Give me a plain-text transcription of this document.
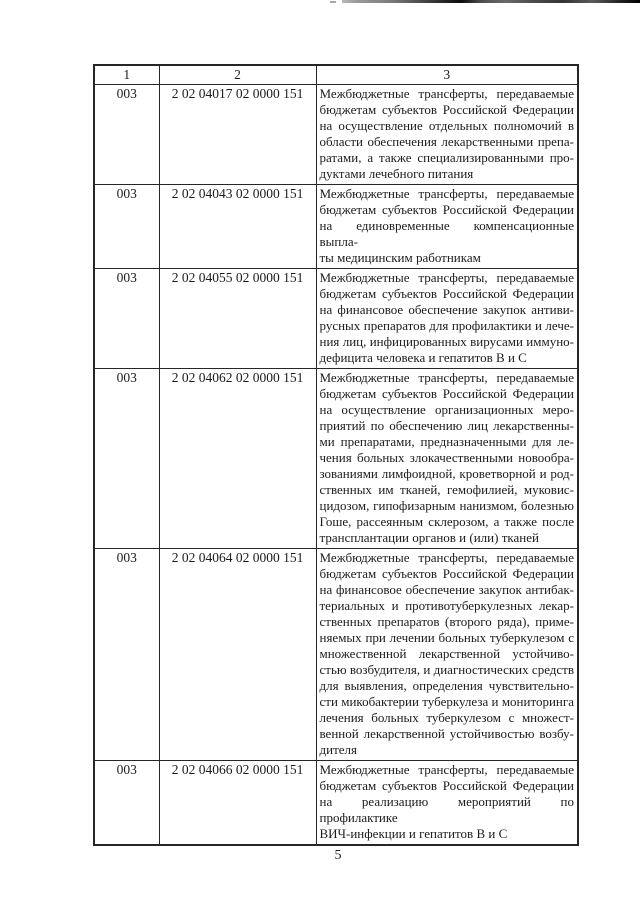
1	2	3
003	2 02 04017 02 0000 151	Межбюджетные трансферты, передаваемые
бюджетам субъектов Российской Федерации
на осуществление отдельных полномочий в
области обеспечения лекарственными препа-
ратами, а также специализированными про-
дуктами лечебного питания

003	2 02 04043 02 0000 151	Межбюджетные трансферты, передаваемые
бюджетам субъектов Российской Федерации
на единовременные компенсационные выпла-
ты медицинским работникам

003	2 02 04055 02 0000 151	Межбюджетные трансферты, передаваемые
бюджетам субъектов Российской Федерации
на финансовое обеспечение закупок антиви-
русных препаратов для профилактики и лече-
ния лиц, инфицированных вирусами иммуно-
дефицита человека и гепатитов В и С

003	2 02 04062 02 0000 151	Межбюджетные трансферты, передаваемые
бюджетам субъектов Российской Федерации
на осуществление организационных меро-
приятий по обеспечению лиц лекарственны-
ми препаратами, предназначенными для ле-
чения больных злокачественными новообра-
зованиями лимфоидной, кроветворной и род-
ственных им тканей, гемофилией, муковис-
цидозом, гипофизарным нанизмом, болезнью
Гоше, рассеянным склерозом, а также после
трансплантации органов и (или) тканей

003	2 02 04064 02 0000 151	Межбюджетные трансферты, передаваемые
бюджетам субъектов Российской Федерации
на финансовое обеспечение закупок антибак-
териальных и противотуберкулезных лекар-
ственных препаратов (второго ряда), приме-
няемых при лечении больных туберкулезом с
множественной лекарственной устойчиво-
стью возбудителя, и диагностических средств
для выявления, определения чувствительно-
сти микобактерии туберкулеза и мониторинга
лечения больных туберкулезом с множест-
венной лекарственной устойчивостью возбу-
дителя

003	2 02 04066 02 0000 151	Межбюджетные трансферты, передаваемые
бюджетам субъектов Российской Федерации
на реализацию мероприятий по профилактике
ВИЧ-инфекции и гепатитов В и С
5
